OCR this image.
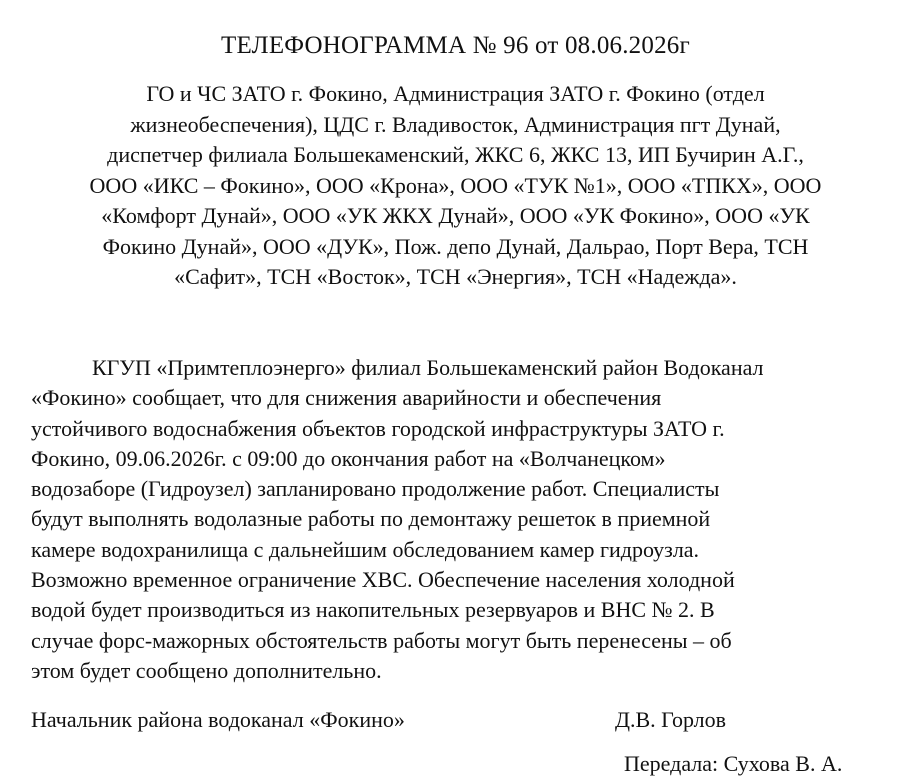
ТЕЛЕФОНОГРАММА № 96 от 08.06.2026г
ГО и ЧС ЗАТО г. Фокино, Администрация ЗАТО г. Фокино (отдел
жизнеобеспечения), ЦДС г. Владивосток, Администрация пгт Дунай,
диспетчер филиала Большекаменский, ЖКС 6, ЖКС 13, ИП Бучирин А.Г.,
ООО «ИКС – Фокино», ООО «Крона», ООО «ТУК №1», ООО «ТПКХ», ООО
«Комфорт Дунай», ООО «УК ЖКХ Дунай», ООО «УК Фокино», ООО «УК
Фокино Дунай», ООО «ДУК», Пож. депо Дунай, Дальрао, Порт Вера, ТСН
«Сафит», ТСН «Восток», ТСН «Энергия», ТСН «Надежда».
КГУП «Примтеплоэнерго» филиал Большекаменский район Водоканал
«Фокино» сообщает, что для снижения аварийности и обеспечения
устойчивого водоснабжения объектов городской инфраструктуры ЗАТО г.
Фокино, 09.06.2026г. с 09:00 до окончания работ на «Волчанецком»
водозаборе (Гидроузел) запланировано продолжение работ. Специалисты
будут выполнять водолазные работы по демонтажу решеток в приемной
камере водохранилища с дальнейшим обследованием камер гидроузла.
Возможно временное ограничение ХВС. Обеспечение населения холодной
водой будет производиться из накопительных резервуаров и ВНС № 2. В
случае форс-мажорных обстоятельств работы могут быть перенесены – об
этом будет сообщено дополнительно.
Начальник района водоканал «Фокино»	Д.В. Горлов
Передала: Сухова В. А.
